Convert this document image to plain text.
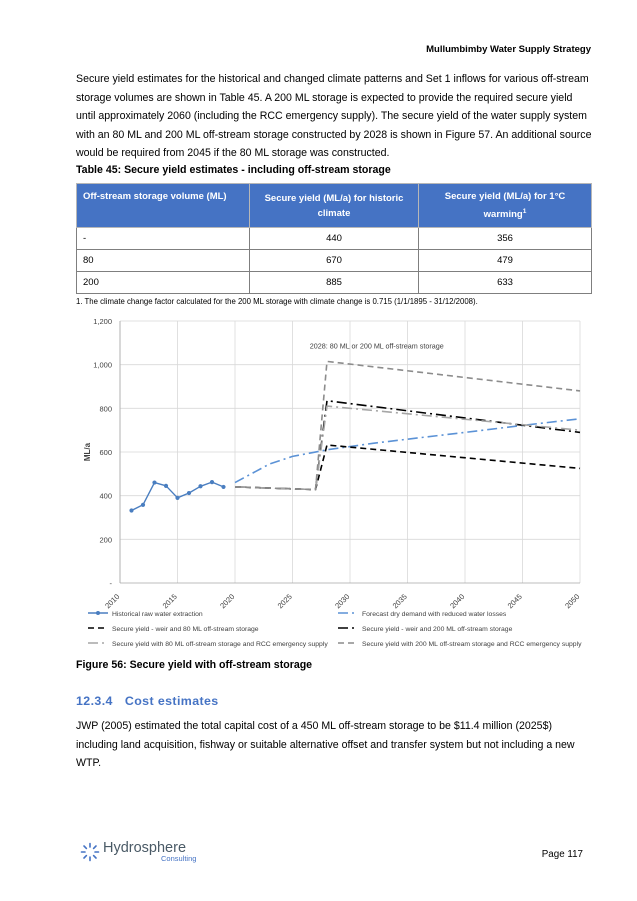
Mullumbimby Water Supply Strategy

Secure yield estimates for the historical and changed climate patterns and Set 1 inflows for various off-stream storage volumes are shown in Table 45. A 200 ML storage is expected to provide the required secure yield until approximately 2060 (including the RCC emergency supply). The secure yield of the water supply system with an 80 ML and 200 ML off-stream storage constructed by 2028 is shown in Figure 57. An additional source would be required from 2045 if the 80 ML storage was constructed.

Table 45: Secure yield estimates - including off-stream storage

Off-stream storage volume (ML)	Secure yield (ML/a) for historic climate	Secure yield (ML/a) for 1°C warming$^1$
-	440	356
80	670	479
200	885	633

1. The climate change factor calculated for the 200 ML storage with climate change is 0.715 (1/1/1895 - 31/12/2008).

-
200
400
600
800
1,000
1,200
2010	2015	2020	2025	2030	2035	2040	2045	2050
ML/a
2028: 80 ML or 200 ML off-stream storage
Historical raw water extraction	Forecast dry demand with reduced water losses
Secure yield - weir and 80 ML off-stream storage	Secure yield - weir and 200 ML off-stream storage
Secure yield with 80 ML off-stream storage and RCC emergency supply	Secure yield with 200 ML off-stream storage and RCC emergency supply

Figure 56: Secure yield with off-stream storage

12.3.4 Cost estimates

JWP (2005) estimated the total capital cost of a 450 ML off-stream storage to be $11.4 million (2025$) including land acquisition, fishway or suitable alternative offset and transfer system but not including a new WTP.

Hydrosphere
Consulting	Page 117
